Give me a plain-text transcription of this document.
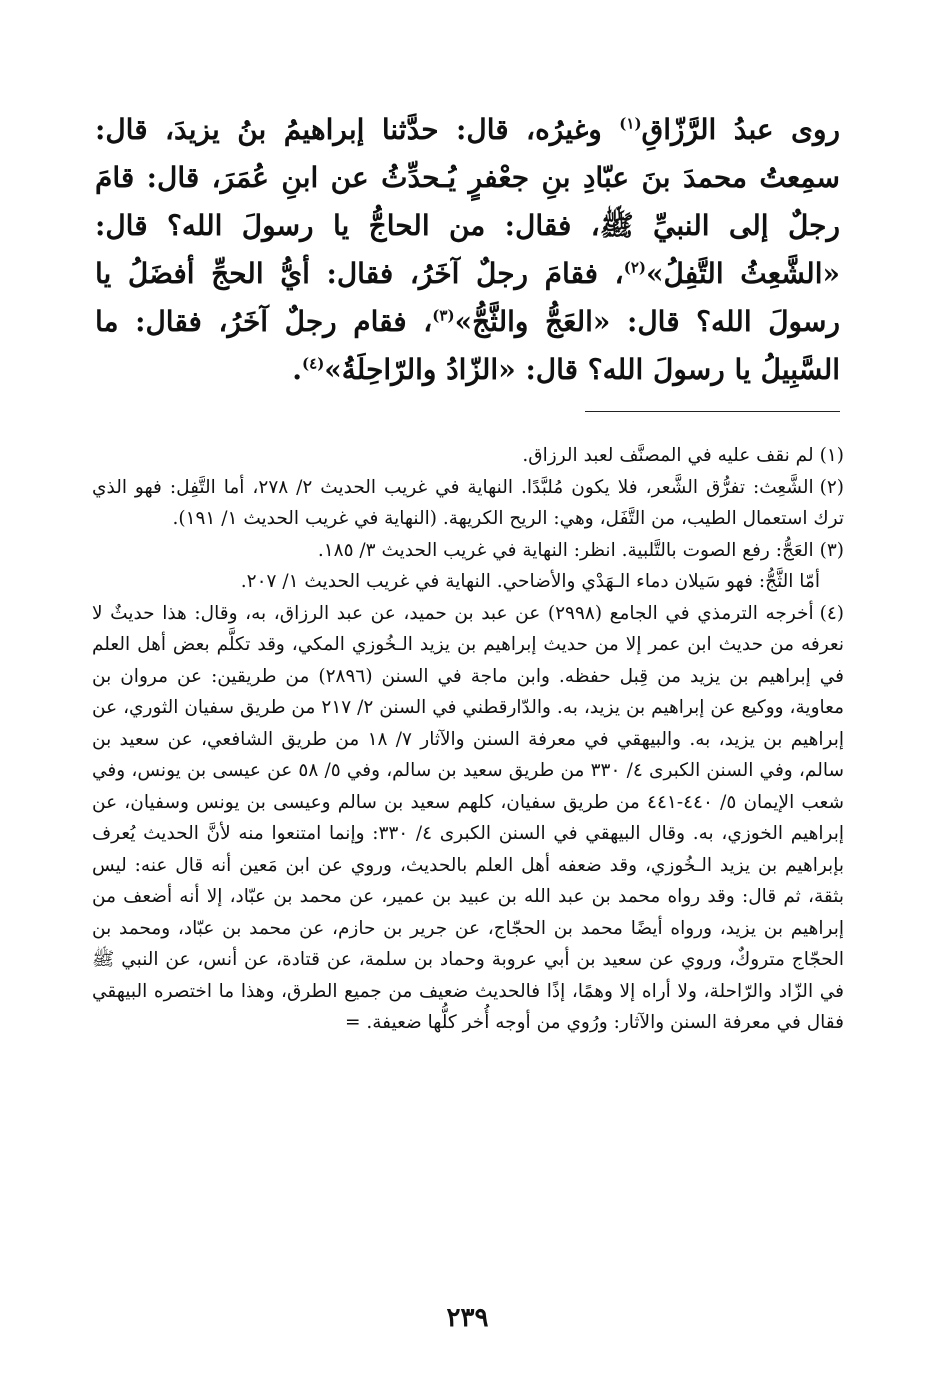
روى عبدُ الرَّزّاقِ$^{(١)}$ وغيرُه، قال: حدَّثنا إبراهيمُ بنُ يزيدَ، قال: سمِعتُ محمدَ بنَ عبّادِ بنِ جعْفرٍ يُـحدِّثُ عن ابنِ عُمَرَ، قال: قامَ رجلٌ إلى النبيِّ ﷺ، فقال: من الحاجُّ يا رسولَ الله؟ قال: «الشَّعِثُ التَّفِلُ»$^{(٢)}$، فقامَ رجلٌ آخَرُ، فقال: أيُّ الحجِّ أفضَلُ يا رسولَ الله؟ قال: «العَجُّ والثَّجُّ»$^{(٣)}$، فقام رجلٌ آخَرُ، فقال: ما السَّبِيلُ يا رسولَ الله؟ قال: «الزّادُ والرّاحِلَةُ»$^{(٤)}$.

(١)لم نقف عليه في المصنَّف لعبد الرزاق.

(٢)الشَّعِث: تفرُّق الشَّعر، فلا يكون مُلبَّدًا. النهاية في غريب الحديث ٢/ ٢٧٨، أما التَّفِل: فهو الذي ترك استعمال الطيب، من التَّفَل، وهي: الريح الكريهة. (النهاية في غريب الحديث ١/ ١٩١).

(٣)العَجُّ: رفع الصوت بالتَّلبية. انظر: النهاية في غريب الحديث ٣/ ١٨٥.

أمّا الثَّجُّ: فهو سَيلان دماء الـهَدْي والأضاحي. النهاية في غريب الحديث ١/ ٢٠٧.

(٤)أخرجه الترمذي في الجامع (٢٩٩٨) عن عبد بن حميد، عن عبد الرزاق، به، وقال: هذا حديثٌ لا نعرفه من حديث ابن عمر إلا من حديث إبراهيم بن يزيد الـخُوزي المكي، وقد تكلَّم بعض أهل العلم في إبراهيم بن يزيد من قِبل حفظه. وابن ماجة في السنن (٢٨٩٦) من طريقين: عن مروان بن معاوية، ووكيع عن إبراهيم بن يزيد، به. والدّارقطني في السنن ٢/ ٢١٧ من طريق سفيان الثوري، عن إبراهيم بن يزيد، به. والبيهقي في معرفة السنن والآثار ٧/ ١٨ من طريق الشافعي، عن سعيد بن سالم، وفي السنن الكبرى ٤/ ٣٣٠ من طريق سعيد بن سالم، وفي ٥/ ٥٨ عن عيسى بن يونس، وفي شعب الإيمان ٥/ ٤٤٠-٤٤١ من طريق سفيان، كلهم سعيد بن سالم وعيسى بن يونس وسفيان، عن إبراهيم الخوزي، به. وقال البيهقي في السنن الكبرى ٤/ ٣٣٠: وإنما امتنعوا منه لأنَّ الحديث يُعرف بإبراهيم بن يزيد الـخُوزي، وقد ضعفه أهل العلم بالحديث، وروي عن ابن مَعين أنه قال عنه: ليس بثقة، ثم قال: وقد رواه محمد بن عبد الله بن عبيد بن عمير، عن محمد بن عبّاد، إلا أنه أضعف من إبراهيم بن يزيد، ورواه أيضًا محمد بن الحجّاج، عن جرير بن حازم، عن محمد بن عبّاد، ومحمد بن الحجّاج متروكٌ، وروي عن سعيد بن أبي عروبة وحماد بن سلمة، عن قتادة، عن أنس، عن النبي ﷺ في الزّاد والرّاحلة، ولا أراه إلا وهمًا، إذًا فالحديث ضعيف من جميع الطرق، وهذا ما اختصره البيهقي فقال في معرفة السنن والآثار: ورُوي من أوجه أُخر كلُّها ضعيفة. =

٢٣٩
